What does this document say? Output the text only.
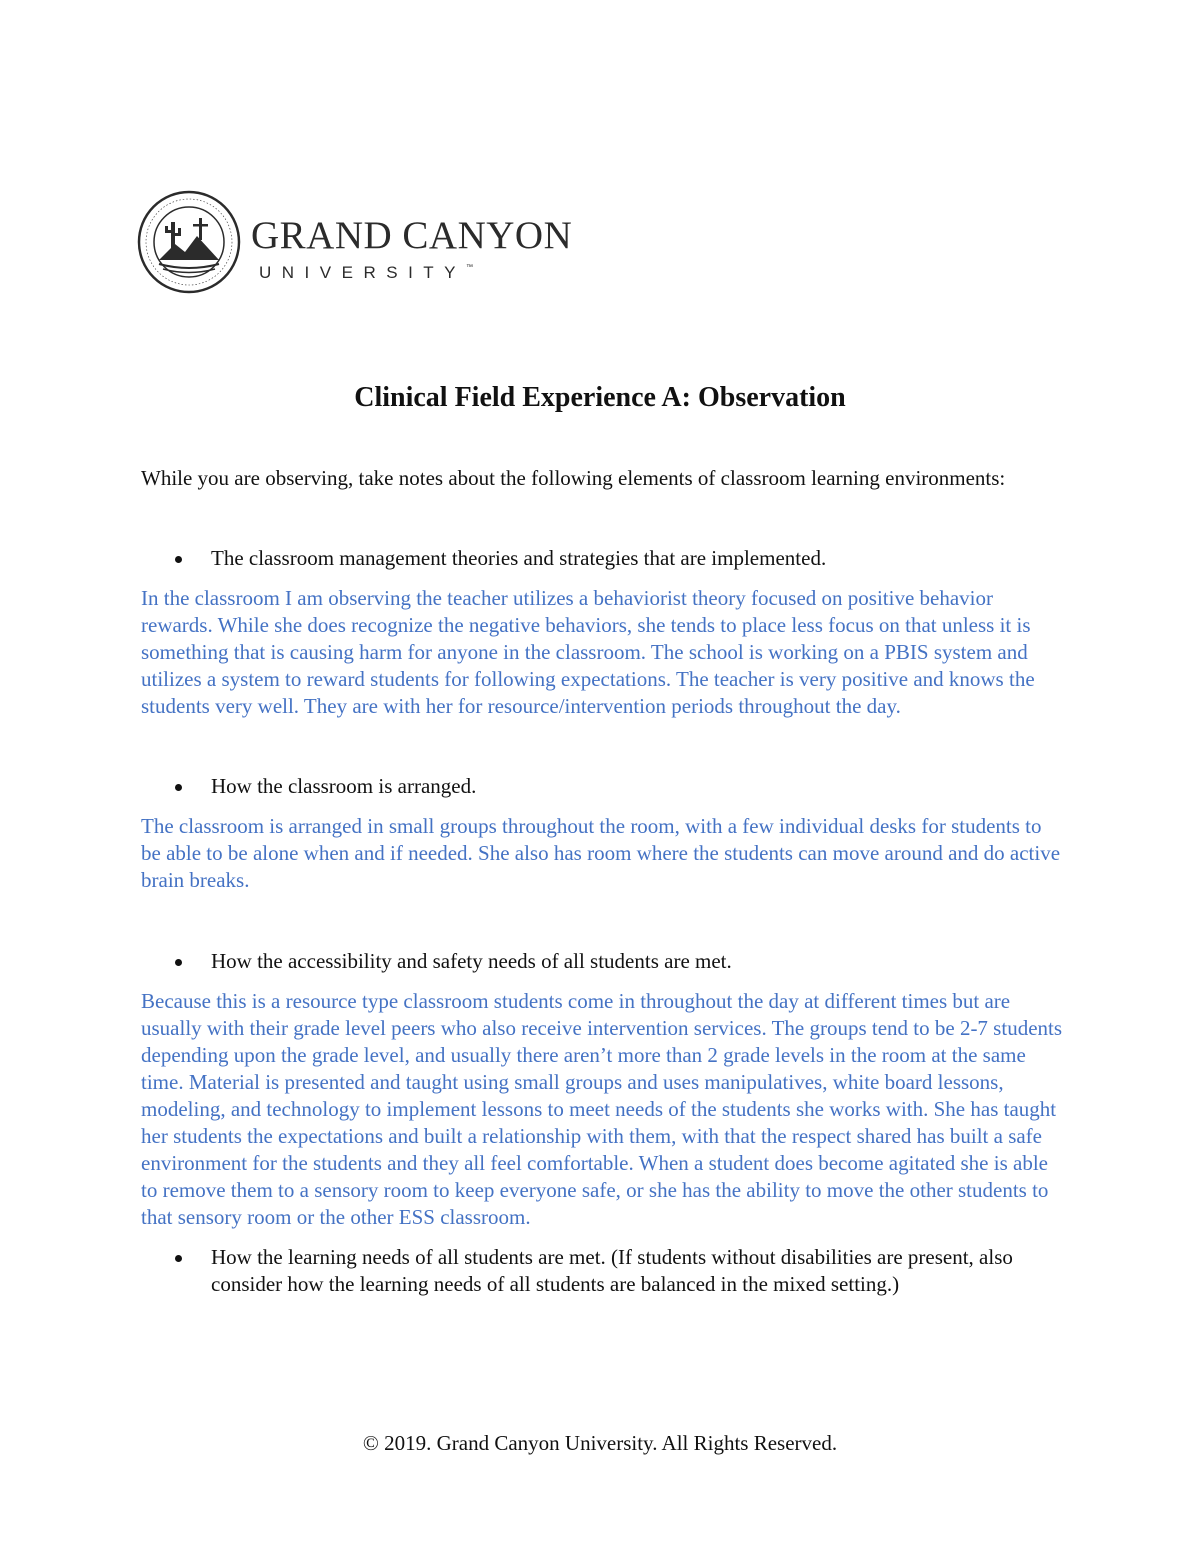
GRAND CANYON
UNIVERSITY™
Clinical Field Experience A: Observation

While you are observing, take notes about the following elements of classroom learning environments:

The classroom management theories and strategies that are implemented.

In the classroom I am observing the teacher utilizes a behaviorist theory focused on positive behavior rewards. While she does recognize the negative behaviors, she tends to place less focus on that unless it is something that is causing harm for anyone in the classroom. The school is working on a PBIS system and utilizes a system to reward students for following expectations. The teacher is very positive and knows the students very well. They are with her for resource/intervention periods throughout the day.

How the classroom is arranged.

The classroom is arranged in small groups throughout the room, with a few individual desks for students to be able to be alone when and if needed. She also has room where the students can move around and do active brain breaks.

How the accessibility and safety needs of all students are met.

Because this is a resource type classroom students come in throughout the day at different times but are usually with their grade level peers who also receive intervention services. The groups tend to be 2-7 students depending upon the grade level, and usually there aren’t more than 2 grade levels in the room at the same time. Material is presented and taught using small groups and uses manipulatives, white board lessons, modeling, and technology to implement lessons to meet needs of the students she works with. She has taught her students the expectations and built a relationship with them, with that the respect shared has built a safe environment for the students and they all feel comfortable. When a student does become agitated she is able to remove them to a sensory room to keep everyone safe, or she has the ability to move the other students to that sensory room or the other ESS classroom.

How the learning needs of all students are met. (If students without disabilities are present, also consider how the learning needs of all students are balanced in the mixed setting.)
© 2019. Grand Canyon University. All Rights Reserved.
